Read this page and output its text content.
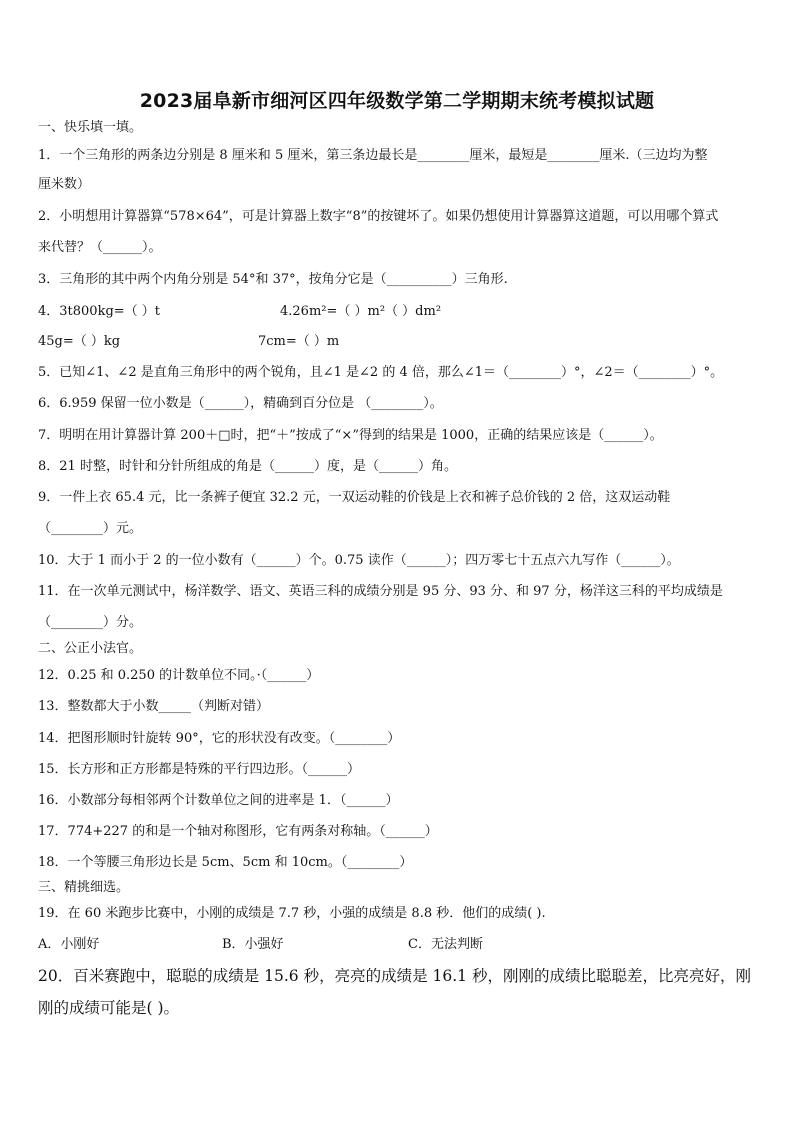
2023届阜新市细河区四年级数学第二学期期末统考模拟试题
一、快乐填一填。
1．一个三角形的两条边分别是 8 厘米和 5 厘米，第三条边最长是________厘米，最短是________厘米.（三边均为整
厘米数）
2．小明想用计算器算“578×64”，可是计算器上数字“8”的按键坏了。如果仍想使用计算器算这道题，可以用哪个算式
来代替？（______）。
3．三角形的其中两个内角分别是 54°和 37°，按角分它是（__________）三角形.
4．3t800kg=（ ）t	4.26m²=（ ）m²（ ）dm²
45g=（ ）kg	7cm=（ ）m
5．已知∠1、∠2 是直角三角形中的两个锐角，且∠1 是∠2 的 4 倍，那么∠1＝（________）°，∠2＝（________）°。
6．6.959 保留一位小数是（______），精确到百分位是 （________）。
7．明明在用计算器计算 200＋□时，把“＋”按成了“×”得到的结果是 1000，正确的结果应该是（______）。
8．21 时整，时针和分针所组成的角是（______）度，是（______）角。
9．一件上衣 65.4 元，比一条裤子便宜 32.2 元，一双运动鞋的价钱是上衣和裤子总价钱的 2 倍，这双运动鞋
（________）元。
10．大于 1 而小于 2 的一位小数有（______）个。0.75 读作（______）；四万零七十五点六九写作（______）。
11．在一次单元测试中，杨洋数学、语文、英语三科的成绩分别是 95 分、93 分、和 97 分，杨洋这三科的平均成绩是
（________）分。
二、公正小法官。
12．0.25 和 0.250 的计数单位不同。·（______）
13．整数都大于小数_____（判断对错）
14．把图形顺时针旋转 90°，它的形状没有改变。（________）
15．长方形和正方形都是特殊的平行四边形。（______）
16．小数部分每相邻两个计数单位之间的进率是 1．（______）
17．774+227 的和是一个轴对称图形，它有两条对称轴。（______）
18．一个等腰三角形边长是 5cm、5cm 和 10cm。（________）
三、精挑细选。
19．在 60 米跑步比赛中，小刚的成绩是 7.7 秒，小强的成绩是 8.8 秒．他们的成绩( ).
A．小刚好	B．小强好	C．无法判断
20．百米赛跑中，聪聪的成绩是 15.6 秒，亮亮的成绩是 16.1 秒，刚刚的成绩比聪聪差，比亮亮好，刚
刚的成绩可能是( )。
